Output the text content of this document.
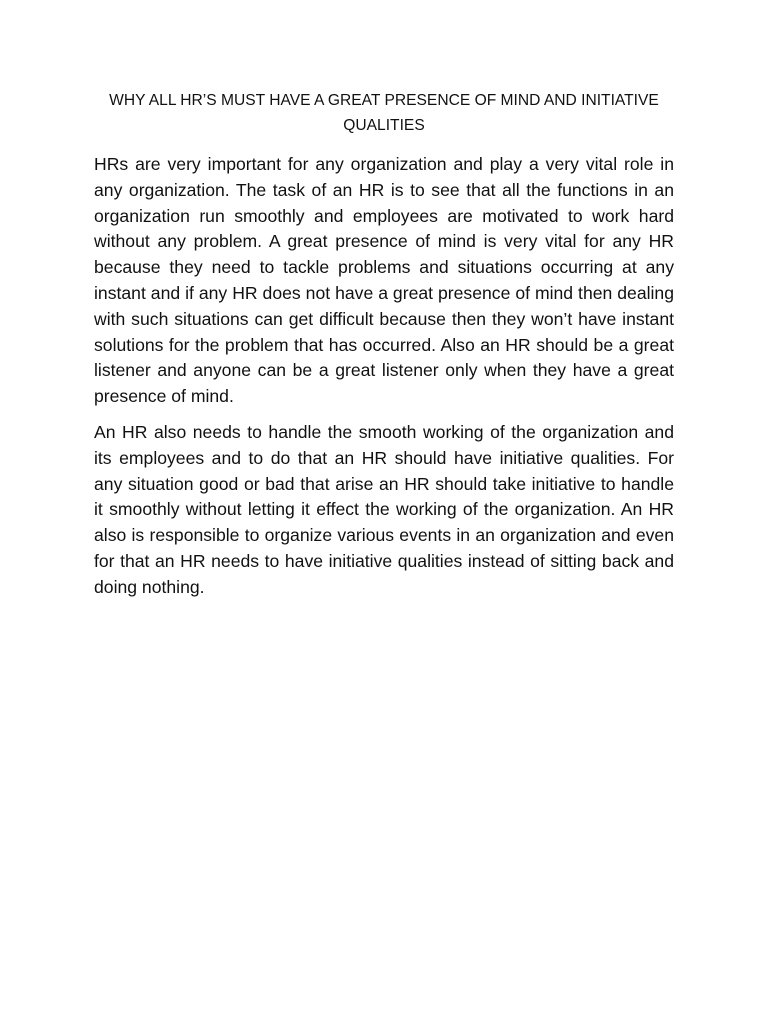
WHY ALL HR’S MUST HAVE A GREAT PRESENCE OF MIND AND INITIATIVE QUALITIES

HRs are very important for any organization and play a very vital role in any organization. The task of an HR is to see that all the functions in an organization run smoothly and employees are motivated to work hard without any problem. A great presence of mind is very vital for any HR because they need to tackle problems and situations occurring at any instant and if any HR does not have a great presence of mind then dealing with such situations can get difficult because then they won’t have instant solutions for the problem that has occurred. Also an HR should be a great listener and anyone can be a great listener only when they have a great presence of mind.

An HR also needs to handle the smooth working of the organization and its employees and to do that an HR should have initiative qualities. For any situation good or bad that arise an HR should take initiative to handle it smoothly without letting it effect the working of the organization. An HR also is responsible to organize various events in an organization and even for that an HR needs to have initiative qualities instead of sitting back and doing nothing.
